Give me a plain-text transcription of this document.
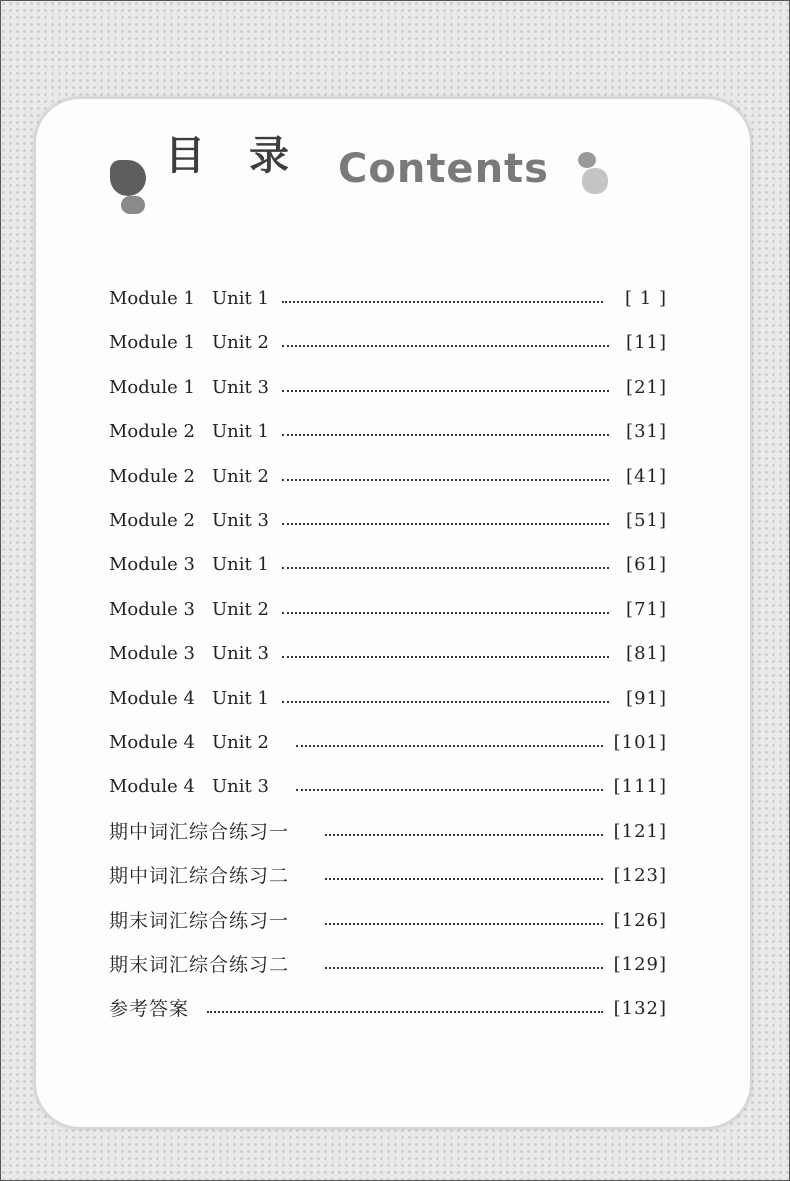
目录 Contents
Module 1 Unit 1	[ 1 ]
Module 1 Unit 2	[11]
Module 1 Unit 3	[21]
Module 2 Unit 1	[31]
Module 2 Unit 2	[41]
Module 2 Unit 3	[51]
Module 3 Unit 1	[61]
Module 3 Unit 2	[71]
Module 3 Unit 3	[81]
Module 4 Unit 1	[91]
Module 4 Unit 2	[101]
Module 4 Unit 3	[111]
期中词汇综合练习一	[121]
期中词汇综合练习二	[123]
期末词汇综合练习一	[126]
期末词汇综合练习二	[129]
参考答案	[132]
